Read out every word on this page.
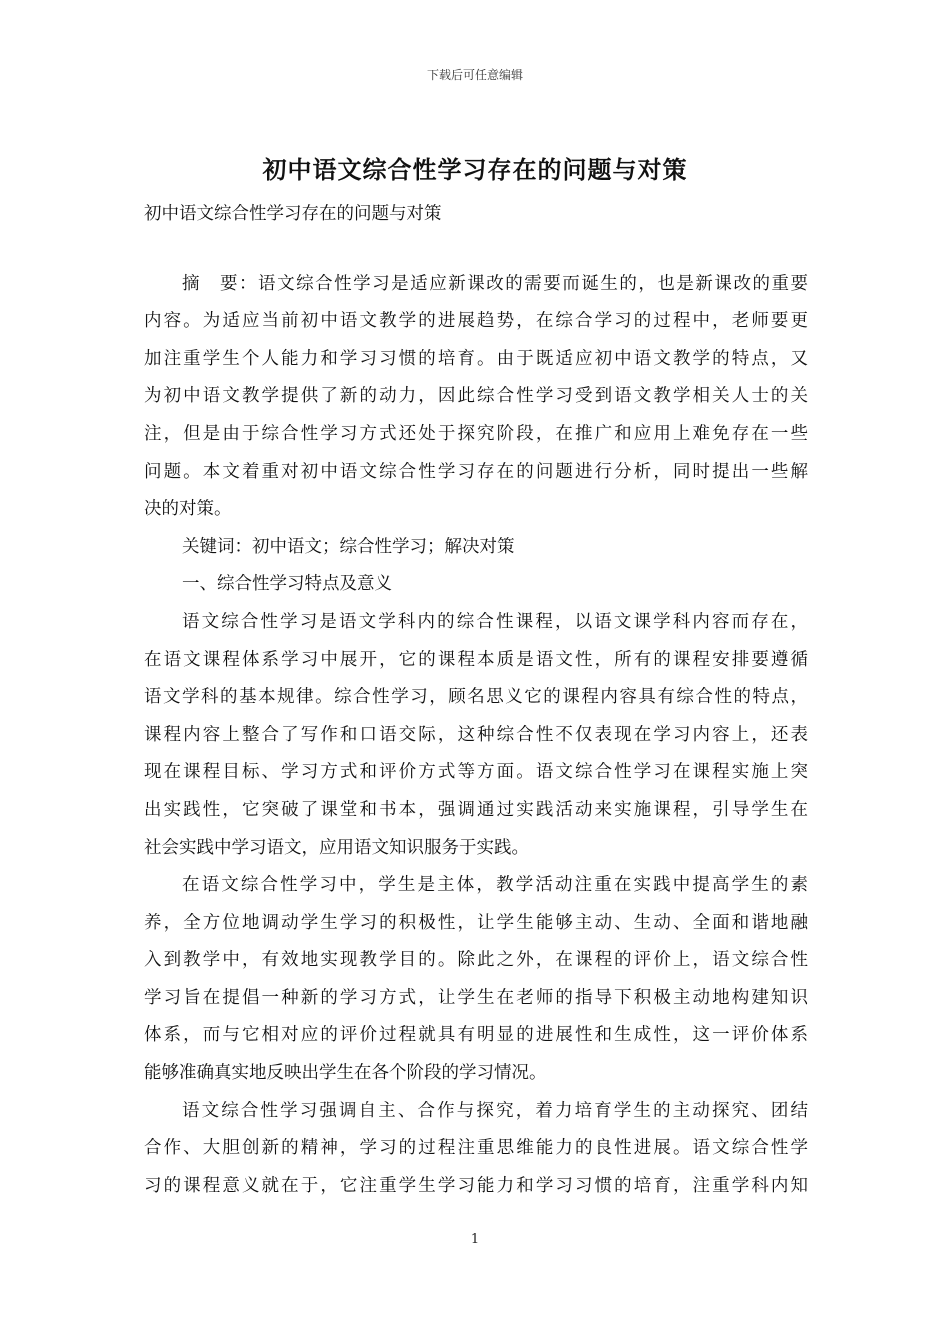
下载后可任意编辑
初中语文综合性学习存在的问题与对策
初中语文综合性学习存在的问题与对策
摘　要：语文综合性学习是适应新课改的需要而诞生的，也是新课改的重要
内容。为适应当前初中语文教学的进展趋势，在综合学习的过程中，老师要更
加注重学生个人能力和学习习惯的培育。由于既适应初中语文教学的特点，又
为初中语文教学提供了新的动力，因此综合性学习受到语文教学相关人士的关
注，但是由于综合性学习方式还处于探究阶段，在推广和应用上难免存在一些
问题。本文着重对初中语文综合性学习存在的问题进行分析，同时提出一些解
决的对策。
关键词：初中语文；综合性学习；解决对策
一、综合性学习特点及意义
语文综合性学习是语文学科内的综合性课程，以语文课学科内容而存在，
在语文课程体系学习中展开，它的课程本质是语文性，所有的课程安排要遵循
语文学科的基本规律。综合性学习，顾名思义它的课程内容具有综合性的特点，
课程内容上整合了写作和口语交际，这种综合性不仅表现在学习内容上，还表
现在课程目标、学习方式和评价方式等方面。语文综合性学习在课程实施上突
出实践性，它突破了课堂和书本，强调通过实践活动来实施课程，引导学生在
社会实践中学习语文，应用语文知识服务于实践。
在语文综合性学习中，学生是主体，教学活动注重在实践中提高学生的素
养，全方位地调动学生学习的积极性，让学生能够主动、生动、全面和谐地融
入到教学中，有效地实现教学目的。除此之外，在课程的评价上，语文综合性
学习旨在提倡一种新的学习方式，让学生在老师的指导下积极主动地构建知识
体系，而与它相对应的评价过程就具有明显的进展性和生成性，这一评价体系
能够准确真实地反映出学生在各个阶段的学习情况。
语文综合性学习强调自主、合作与探究，着力培育学生的主动探究、团结
合作、大胆创新的精神，学习的过程注重思维能力的良性进展。语文综合性学
习的课程意义就在于，它注重学生学习能力和学习习惯的培育，注重学科内知
1
